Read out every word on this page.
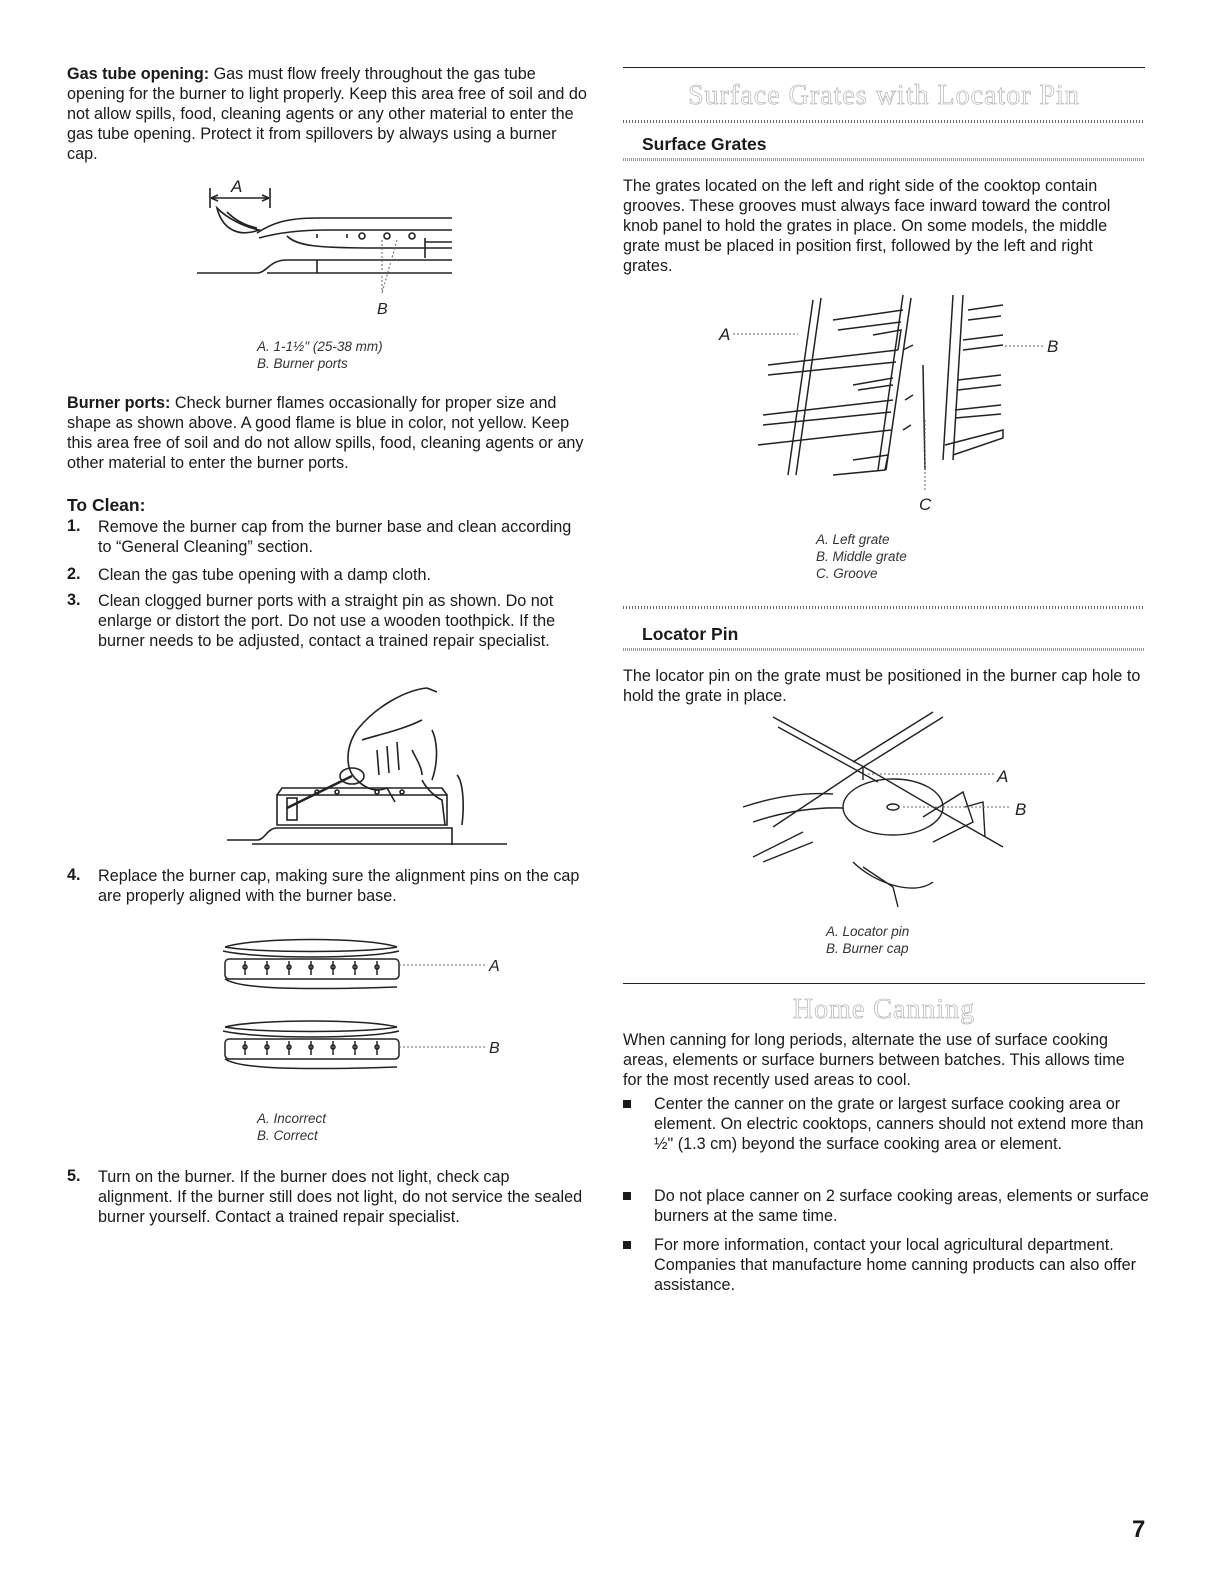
Gas tube opening: Gas must flow freely throughout the gas tube opening for the burner to light properly. Keep this area free of soil and do not allow spills, food, cleaning agents or any other material to enter the gas tube opening. Protect it from spillovers by always using a burner cap.

A
B
A. 1-1½" (25-38 mm)
B. Burner ports

Burner ports: Check burner flames occasionally for proper size and shape as shown above. A good flame is blue in color, not yellow. Keep this area free of soil and do not allow spills, food, cleaning agents or any other material to enter the burner ports.

To Clean:
1. Remove the burner cap from the burner base and clean according to “General Cleaning” section.
2. Clean the gas tube opening with a damp cloth.
3. Clean clogged burner ports with a straight pin as shown. Do not enlarge or distort the port. Do not use a wooden toothpick. If the burner needs to be adjusted, contact a trained repair specialist.
4. Replace the burner cap, making sure the alignment pins on the cap are properly aligned with the burner base.
A
B
A. Incorrect
B. Correct
5. Turn on the burner. If the burner does not light, check cap alignment. If the burner still does not light, do not service the sealed burner yourself. Contact a trained repair specialist.
Surface Grates with Locator Pin
Surface Grates

The grates located on the left and right side of the cooktop contain grooves. These grooves must always face inward toward the control knob panel to hold the grates in place. On some models, the middle grate must be placed in position first, followed by the left and right grates.

A
B
C
A. Left grate
B. Middle grate
C. Groove
Locator Pin

The locator pin on the grate must be positioned in the burner cap hole to hold the grate in place.

A
B
A. Locator pin
B. Burner cap
Home Canning

When canning for long periods, alternate the use of surface cooking areas, elements or surface burners between batches. This allows time for the most recently used areas to cool.

Center the canner on the grate or largest surface cooking area or element. On electric cooktops, canners should not extend more than ½" (1.3 cm) beyond the surface cooking area or element.
Do not place canner on 2 surface cooking areas, elements or surface burners at the same time.
For more information, contact your local agricultural department. Companies that manufacture home canning products can also offer assistance.
7
